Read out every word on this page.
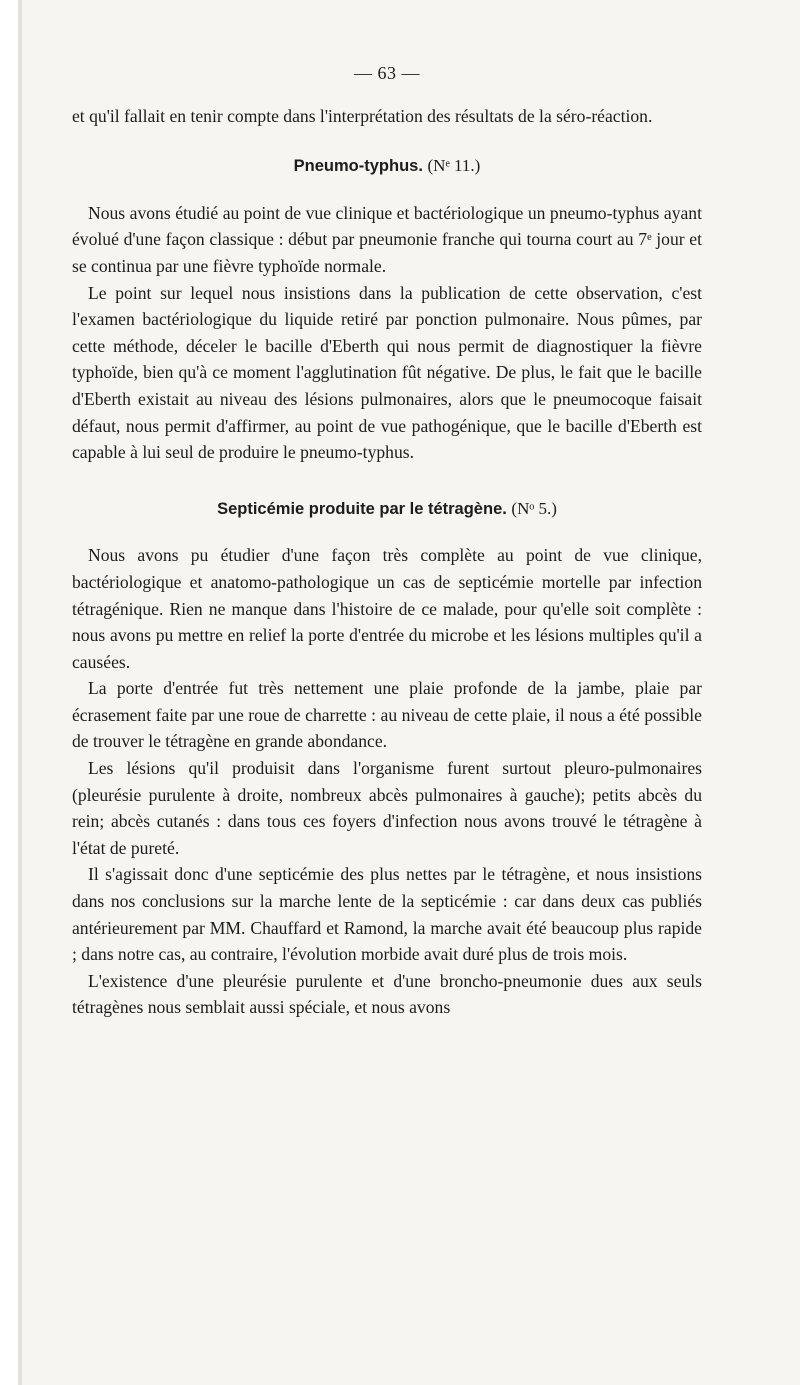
— 63 —

et qu'il fallait en tenir compte dans l'interprétation des résultats de la séro-réaction.

Pneumo-typhus. (Nᵉ 11.)

Nous avons étudié au point de vue clinique et bactériologique un pneumo-typhus ayant évolué d'une façon classique : début par pneumonie franche qui tourna court au 7ᵉ jour et se continua par une fièvre typhoïde normale.

Le point sur lequel nous insistions dans la publication de cette observation, c'est l'examen bactériologique du liquide retiré par ponction pulmonaire. Nous pûmes, par cette méthode, déceler le bacille d'Eberth qui nous permit de diagnostiquer la fièvre typhoïde, bien qu'à ce moment l'agglutination fût négative. De plus, le fait que le bacille d'Eberth existait au niveau des lésions pulmonaires, alors que le pneumocoque faisait défaut, nous permit d'affirmer, au point de vue pathogénique, que le bacille d'Eberth est capable à lui seul de produire le pneumo-typhus.

Septicémie produite par le tétragène. (Nᵒ 5.)

Nous avons pu étudier d'une façon très complète au point de vue clinique, bactériologique et anatomo-pathologique un cas de septicémie mortelle par infection tétragénique. Rien ne manque dans l'histoire de ce malade, pour qu'elle soit complète : nous avons pu mettre en relief la porte d'entrée du microbe et les lésions multiples qu'il a causées.

La porte d'entrée fut très nettement une plaie profonde de la jambe, plaie par écrasement faite par une roue de charrette : au niveau de cette plaie, il nous a été possible de trouver le tétragène en grande abondance.

Les lésions qu'il produisit dans l'organisme furent surtout pleuro-pulmonaires (pleurésie purulente à droite, nombreux abcès pulmonaires à gauche); petits abcès du rein; abcès cutanés : dans tous ces foyers d'infection nous avons trouvé le tétragène à l'état de pureté.

Il s'agissait donc d'une septicémie des plus nettes par le tétragène, et nous insistions dans nos conclusions sur la marche lente de la septicémie : car dans deux cas publiés antérieurement par MM. Chauffard et Ramond, la marche avait été beaucoup plus rapide ; dans notre cas, au contraire, l'évolution morbide avait duré plus de trois mois.

L'existence d'une pleurésie purulente et d'une broncho-pneumonie dues aux seuls tétragènes nous semblait aussi spéciale, et nous avons
